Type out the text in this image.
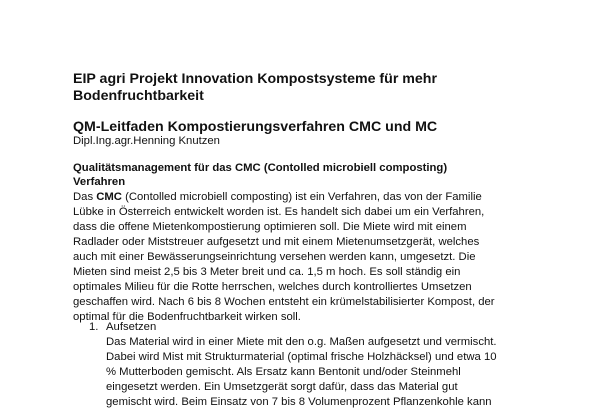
EIP agri Projekt Innovation Kompostsysteme für mehr
Bodenfruchtbarkeit
QM-Leitfaden Kompostierungsverfahren CMC und MC
Dipl.Ing.agr.Henning Knutzen
Qualitätsmanagement für das CMC (Contolled microbiell composting)
Verfahren

Das CMC (Contolled microbiell composting) ist ein Verfahren, das von der Familie
Lübke in Österreich entwickelt worden ist. Es handelt sich dabei um ein Verfahren,
dass die offene Mietenkompostierung optimieren soll. Die Miete wird mit einem
Radlader oder Miststreuer aufgesetzt und mit einem Mietenumsetzgerät, welches
auch mit einer Bewässerungseinrichtung versehen werden kann, umgesetzt. Die
Mieten sind meist 2,5 bis 3 Meter breit und ca. 1,5 m hoch. Es soll ständig ein
optimales Milieu für die Rotte herrschen, welches durch kontrolliertes Umsetzen
geschaffen wird. Nach 6 bis 8 Wochen entsteht ein krümelstabilisierter Kompost, der
optimal für die Bodenfruchtbarkeit wirken soll.

1. Aufsetzen
Das Material wird in einer Miete mit den o.g. Maßen aufgesetzt und vermischt.
Dabei wird Mist mit Strukturmaterial (optimal frische Holzhäcksel) und etwa 10
% Mutterboden gemischt. Als Ersatz kann Bentonit und/oder Steinmehl
eingesetzt werden. Ein Umsetzgerät sorgt dafür, dass das Material gut
gemischt wird. Beim Einsatz von 7 bis 8 Volumenprozent Pflanzenkohle kann
